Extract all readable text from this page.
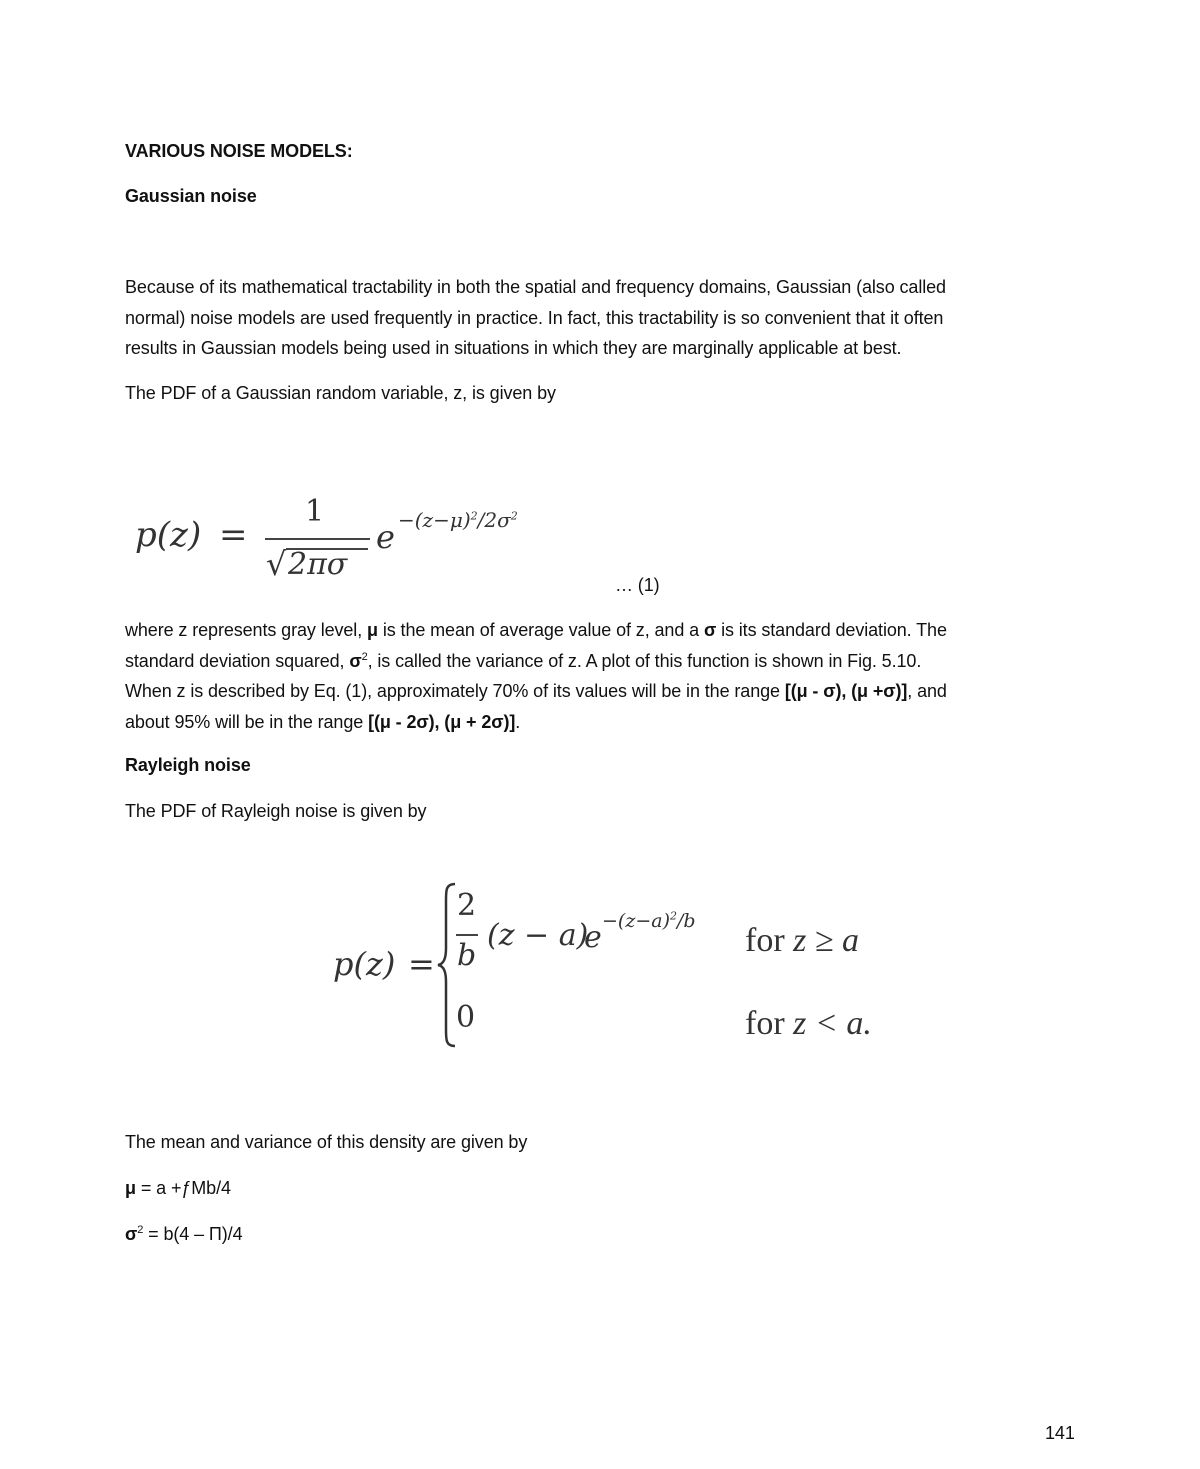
VARIOUS NOISE MODELS:
Gaussian noise
Because of its mathematical tractability in both the spatial and frequency domains, Gaussian (also called
normal) noise models are used frequently in practice. In fact, this tractability is so convenient that it often
results in Gaussian models being used in situations in which they are marginally applicable at best.
The PDF of a Gaussian random variable, z, is given by
p(z) =
1
√ 2πσ
$e -(z-\mu)^2/2\sigma^2$
… (1)
where z represents gray level, μ is the mean of average value of z, and a σ is its standard deviation. The
standard deviation squared, $\sigma^2$, is called the variance of z. A plot of this function is shown in Fig. 5.10.
When z is described by Eq. (1), approximately 70% of its values will be in the range [(μ - σ), (μ +σ)], and
about 95% will be in the range [(μ - 2σ), (μ + 2σ)].
Rayleigh noise
The PDF of Rayleigh noise is given by
p(z) =
2
b
(z − a)
$e -(z-a)^2/b$
0
for z ≥ a
for z < a.
The mean and variance of this density are given by
μ = a +ƒMb/4
$\sigma^2 = b(4 - \Pi)/4$
141
